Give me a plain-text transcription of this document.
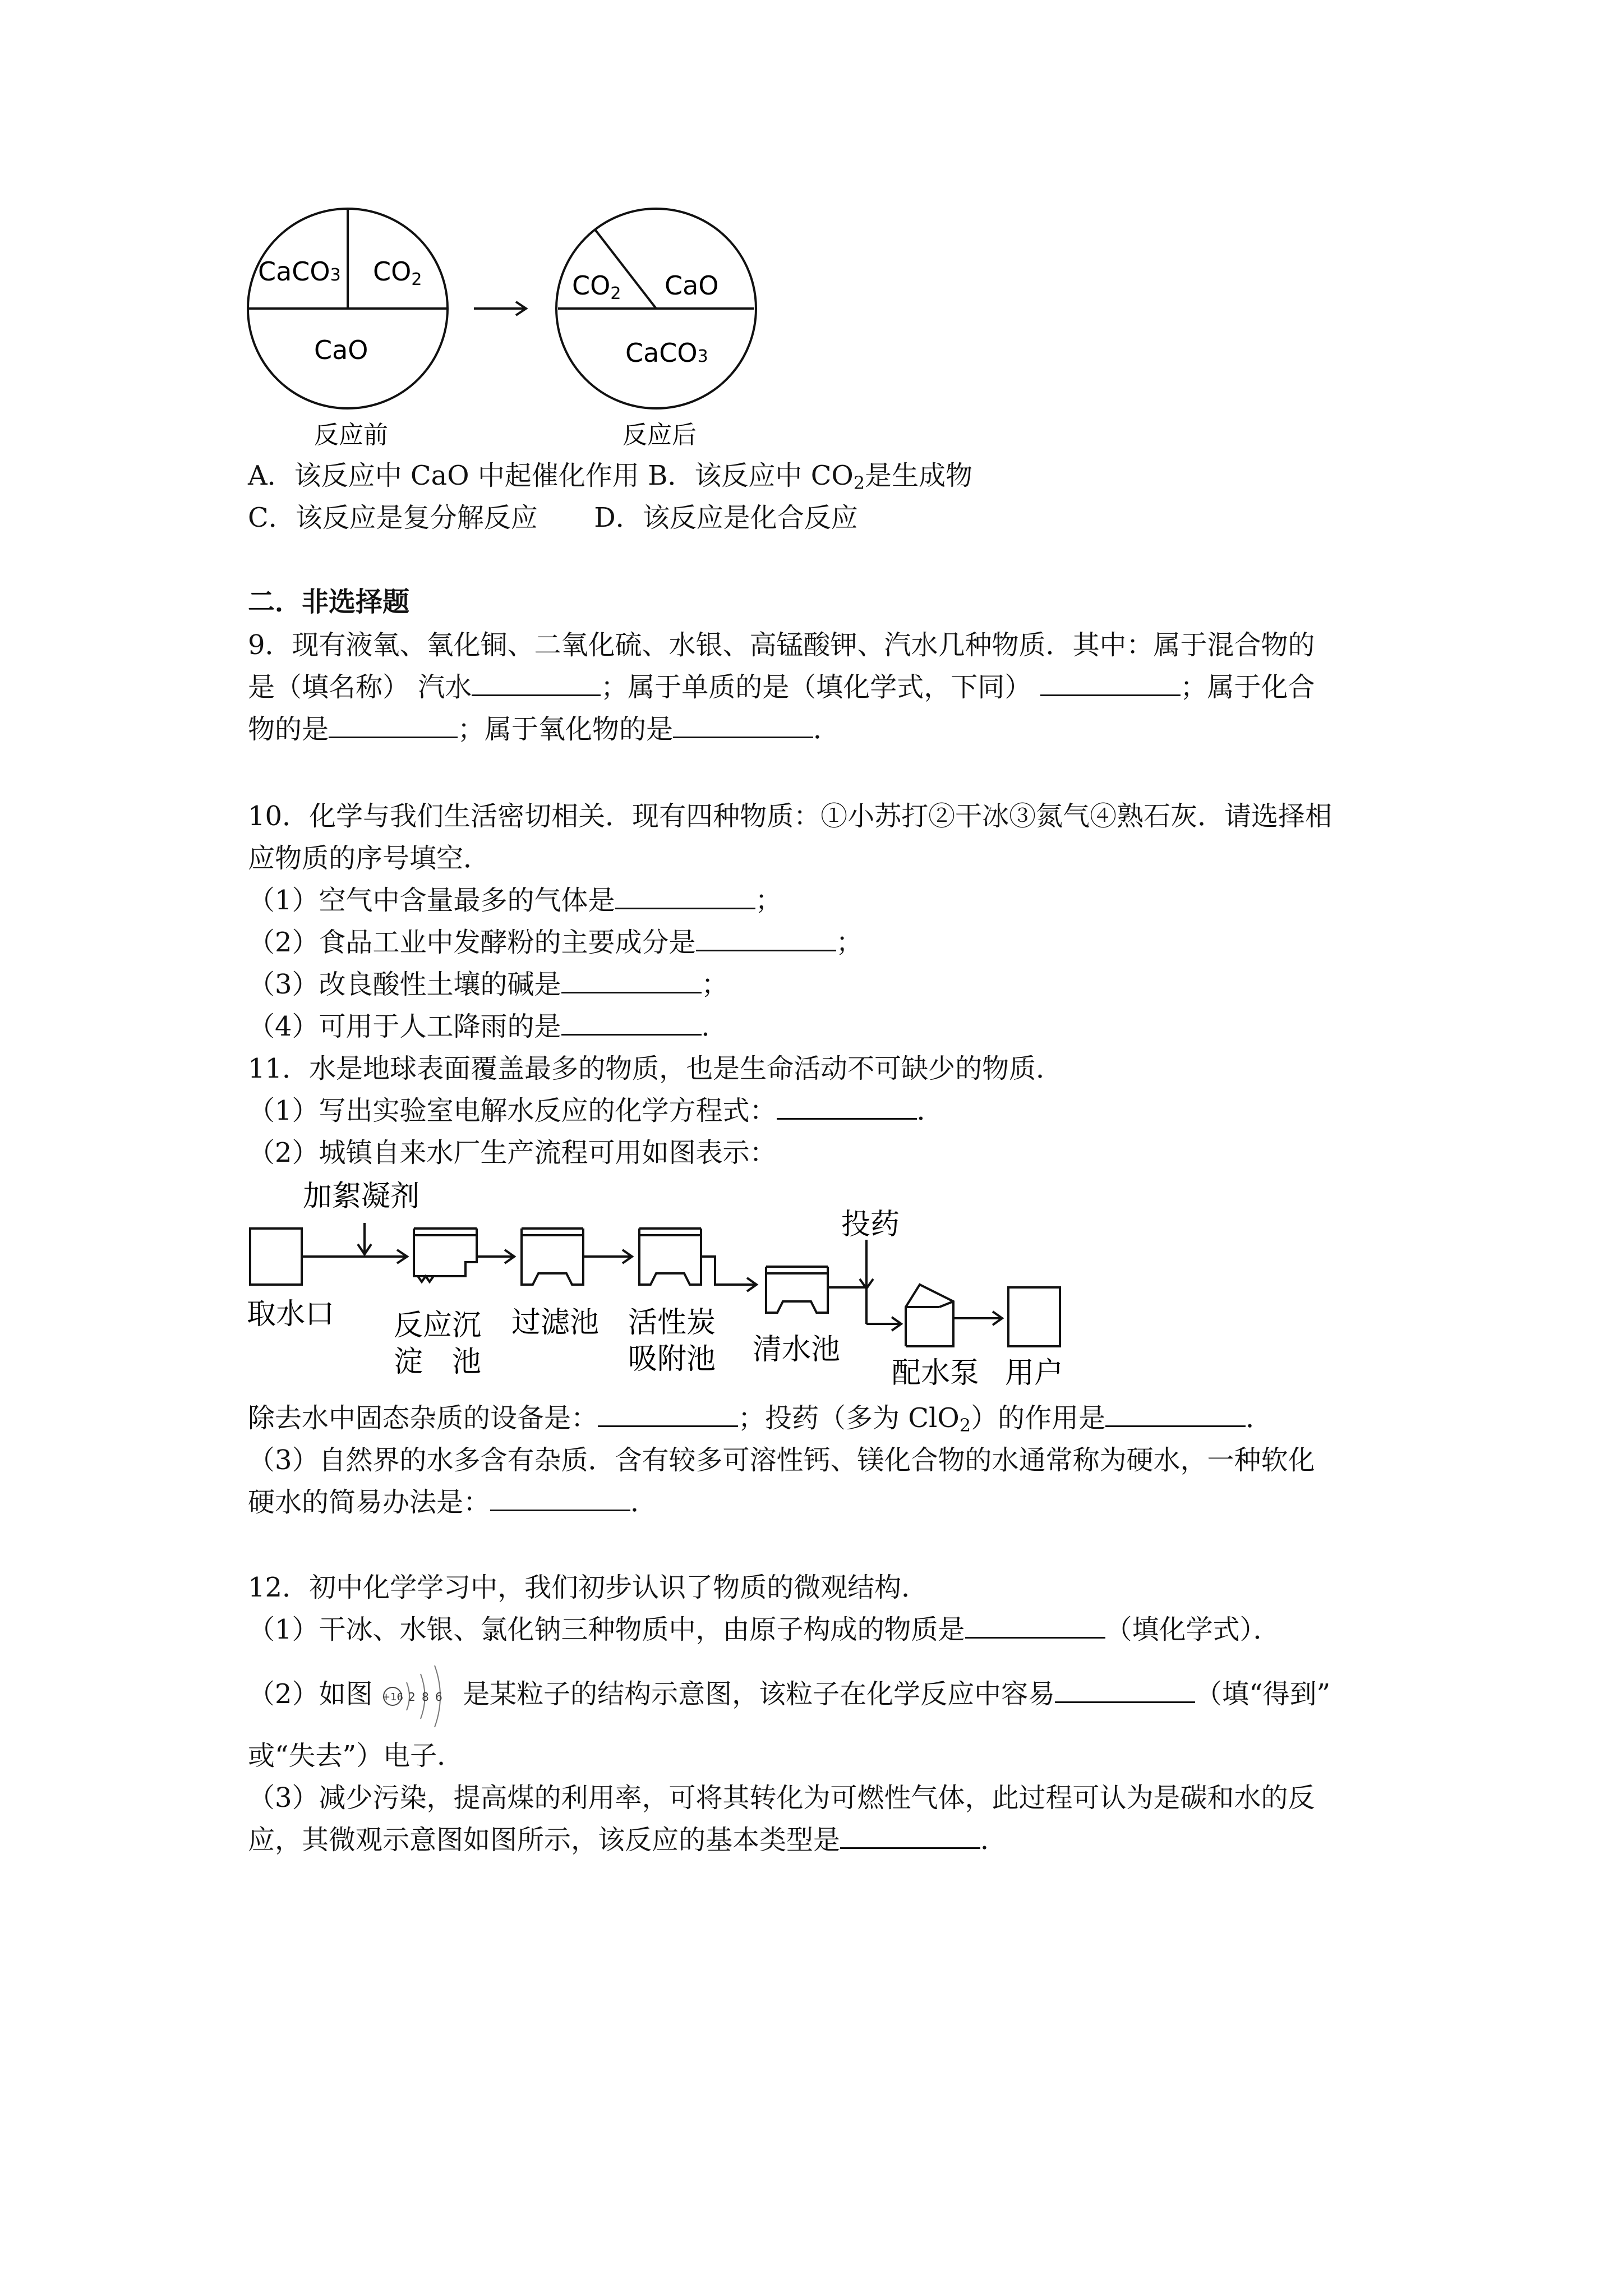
CaCO3 CO2
CaO
反应前
CO2 CaO
CaCO3
反应后
A．该反应中 CaO 中起催化作用 B．该反应中 $CO_2$是生成物
C．该反应是复分解反应 D．该反应是化合反应
二．非选择题
9．现有液氧、氧化铜、二氧化硫、水银、高锰酸钾、汽水几种物质．其中：属于混合物的
是（填名称） 汽水	；属于单质的是（填化学式，下同）	；属于化合
物的是	；属于氧化物的是	．
10．化学与我们生活密切相关．现有四种物质：①小苏打②干冰③氮气④熟石灰．请选择相
应物质的序号填空．
（1）空气中含量最多的气体是	；
（2）食品工业中发酵粉的主要成分是	；
（3）改良酸性土壤的碱是	；
（4）可用于人工降雨的是	．
11．水是地球表面覆盖最多的物质，也是生命活动不可缺少的物质．
（1）写出实验室电解水反应的化学方程式：	．
（2）城镇自来水厂生产流程可用如图表示：
加絮凝剂
投药
取水口 反应沉
淀　池
过滤池 活性炭
吸附池 清水池
配水泵 用户
除去水中固态杂质的设备是：	；投药（多为 ClO$_2$）的作用是	．
（3）自然界的水多含有杂质．含有较多可溶性钙、镁化合物的水通常称为硬水，一种软化
硬水的简易办法是：	．
12．初中化学学习中，我们初步认识了物质的微观结构．
（1）干冰、水银、氯化钠三种物质中，由原子构成的物质是	（填化学式）．
（2）如图 +16 2 8 6 是某粒子的结构示意图，该粒子在化学反应中容易	（填“得到”
或“失去”）电子．
（3）减少污染，提高煤的利用率，可将其转化为可燃性气体，此过程可认为是碳和水的反
应，其微观示意图如图所示，该反应的基本类型是	．
